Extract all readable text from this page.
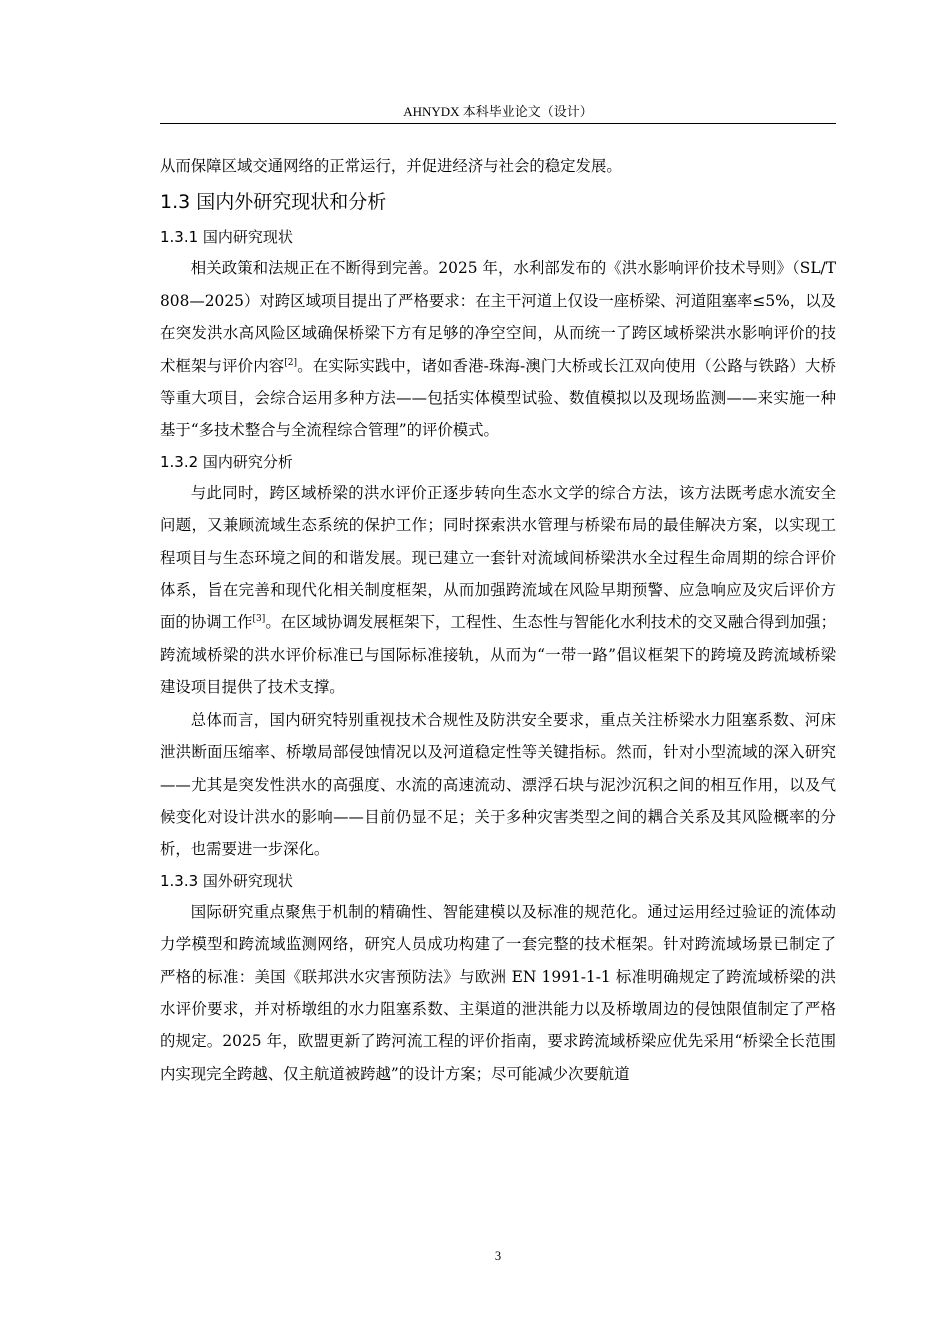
AHNYDX 本科毕业论文（设计）

从而保障区域交通网络的正常运行，并促进经济与社会的稳定发展。

1.3 国内外研究现状和分析
1.3.1 国内研究现状

相关政策和法规正在不断得到完善。2025 年，水利部发布的《洪水影响评价技术导则》（SL/T 808—2025）对跨区域项目提出了严格要求：在主干河道上仅设一座桥梁、河道阻塞率≤5%，以及在突发洪水高风险区域确保桥梁下方有足够的净空空间，从而统一了跨区域桥梁洪水影响评价的技术框架与评价内容[2]。在实际实践中，诸如香港-珠海-澳门大桥或长江双向使用（公路与铁路）大桥等重大项目，会综合运用多种方法——包括实体模型试验、数值模拟以及现场监测——来实施一种基于“多技术整合与全流程综合管理”的评价模式。

1.3.2 国内研究分析

与此同时，跨区域桥梁的洪水评价正逐步转向生态水文学的综合方法，该方法既考虑水流安全问题，又兼顾流域生态系统的保护工作；同时探索洪水管理与桥梁布局的最佳解决方案，以实现工程项目与生态环境之间的和谐发展。现已建立一套针对流域间桥梁洪水全过程生命周期的综合评价体系，旨在完善和现代化相关制度框架，从而加强跨流域在风险早期预警、应急响应及灾后评价方面的协调工作[3]。在区域协调发展框架下，工程性、生态性与智能化水利技术的交叉融合得到加强；跨流域桥梁的洪水评价标准已与国际标准接轨，从而为“一带一路”倡议框架下的跨境及跨流域桥梁建设项目提供了技术支撑。

总体而言，国内研究特别重视技术合规性及防洪安全要求，重点关注桥梁水力阻塞系数、河床泄洪断面压缩率、桥墩局部侵蚀情况以及河道稳定性等关键指标。然而，针对小型流域的深入研究——尤其是突发性洪水的高强度、水流的高速流动、漂浮石块与泥沙沉积之间的相互作用，以及气候变化对设计洪水的影响——目前仍显不足；关于多种灾害类型之间的耦合关系及其风险概率的分析，也需要进一步深化。

1.3.3 国外研究现状

国际研究重点聚焦于机制的精确性、智能建模以及标准的规范化。通过运用经过验证的流体动力学模型和跨流域监测网络，研究人员成功构建了一套完整的技术框架。针对跨流域场景已制定了严格的标准：美国《联邦洪水灾害预防法》与欧洲 EN 1991-1-1 标准明确规定了跨流域桥梁的洪水评价要求，并对桥墩组的水力阻塞系数、主渠道的泄洪能力以及桥墩周边的侵蚀限值制定了严格的规定。2025 年，欧盟更新了跨河流工程的评价指南，要求跨流域桥梁应优先采用“桥梁全长范围内实现完全跨越、仅主航道被跨越”的设计方案；尽可能减少次要航道

3
